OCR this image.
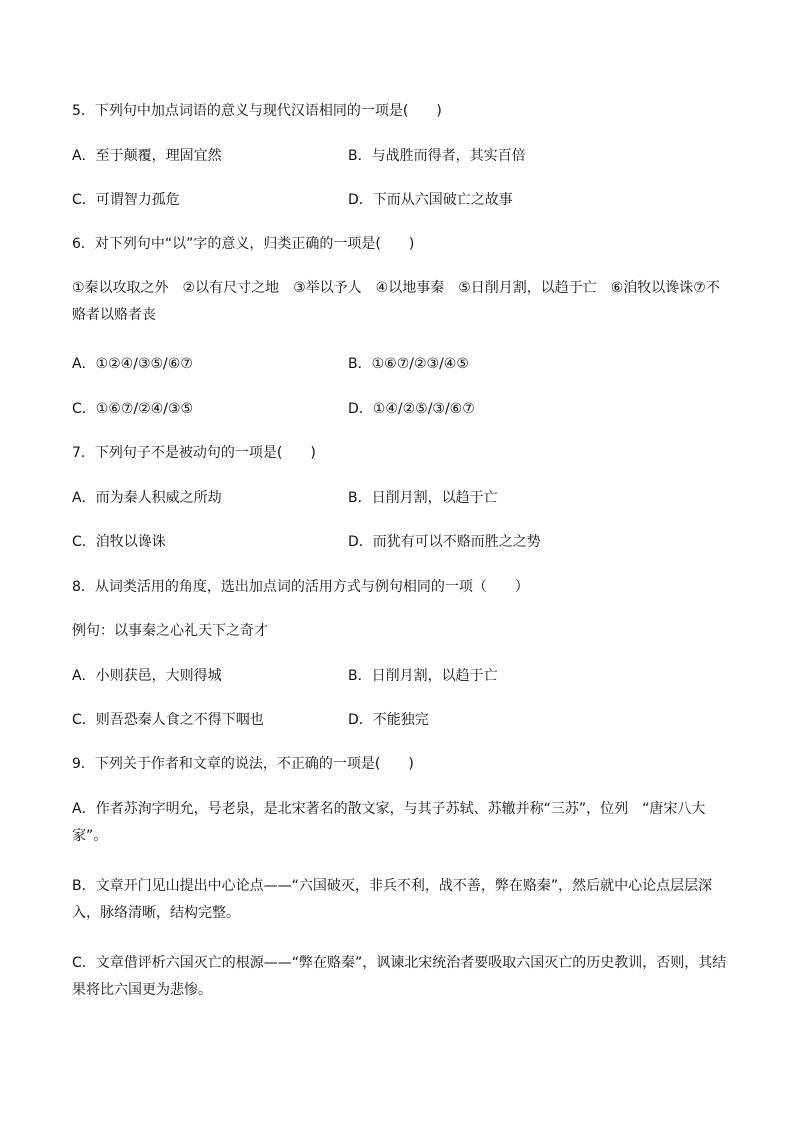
5．下列句中加点词语的意义与现代汉语相同的一项是(　　)
A．至于颠覆，理固宜然	B．与战胜而得者，其实百倍
C．可谓智力孤危	D．下而从六国破亡之故事
6．对下列句中“以”字的意义，归类正确的一项是(　　)
①秦以攻取之外　②以有尺寸之地　③举以予人　④以地事秦　⑤日削月割，以趋于亡　⑥洎牧以谗诛⑦不赂者以赂者丧
A．①②④/③⑤/⑥⑦	B．①⑥⑦/②③/④⑤
C．①⑥⑦/②④/③⑤	D．①④/②⑤/③/⑥⑦
7．下列句子不是被动句的一项是(　　)
A．而为秦人积威之所劫	B．日削月割，以趋于亡
C．洎牧以谗诛	D．而犹有可以不赂而胜之之势
8．从词类活用的角度，选出加点词的活用方式与例句相同的一项（　　）
例句：以事秦之心礼天下之奇才
A．小则获邑，大则得城	B．日削月割，以趋于亡
C．则吾恐秦人食之不得下咽也	D．不能独完
9．下列关于作者和文章的说法，不正确的一项是(　　)
A．作者苏洵字明允，号老泉，是北宋著名的散文家，与其子苏轼、苏辙并称“三苏”，位列　“唐宋八大家”。
B．文章开门见山提出中心论点——“六国破灭，非兵不利，战不善，弊在赂秦”，然后就中心论点层层深入，脉络清晰，结构完整。
C．文章借评析六国灭亡的根源——“弊在赂秦”，讽谏北宋统治者要吸取六国灭亡的历史教训，否则，其结果将比六国更为悲惨。
